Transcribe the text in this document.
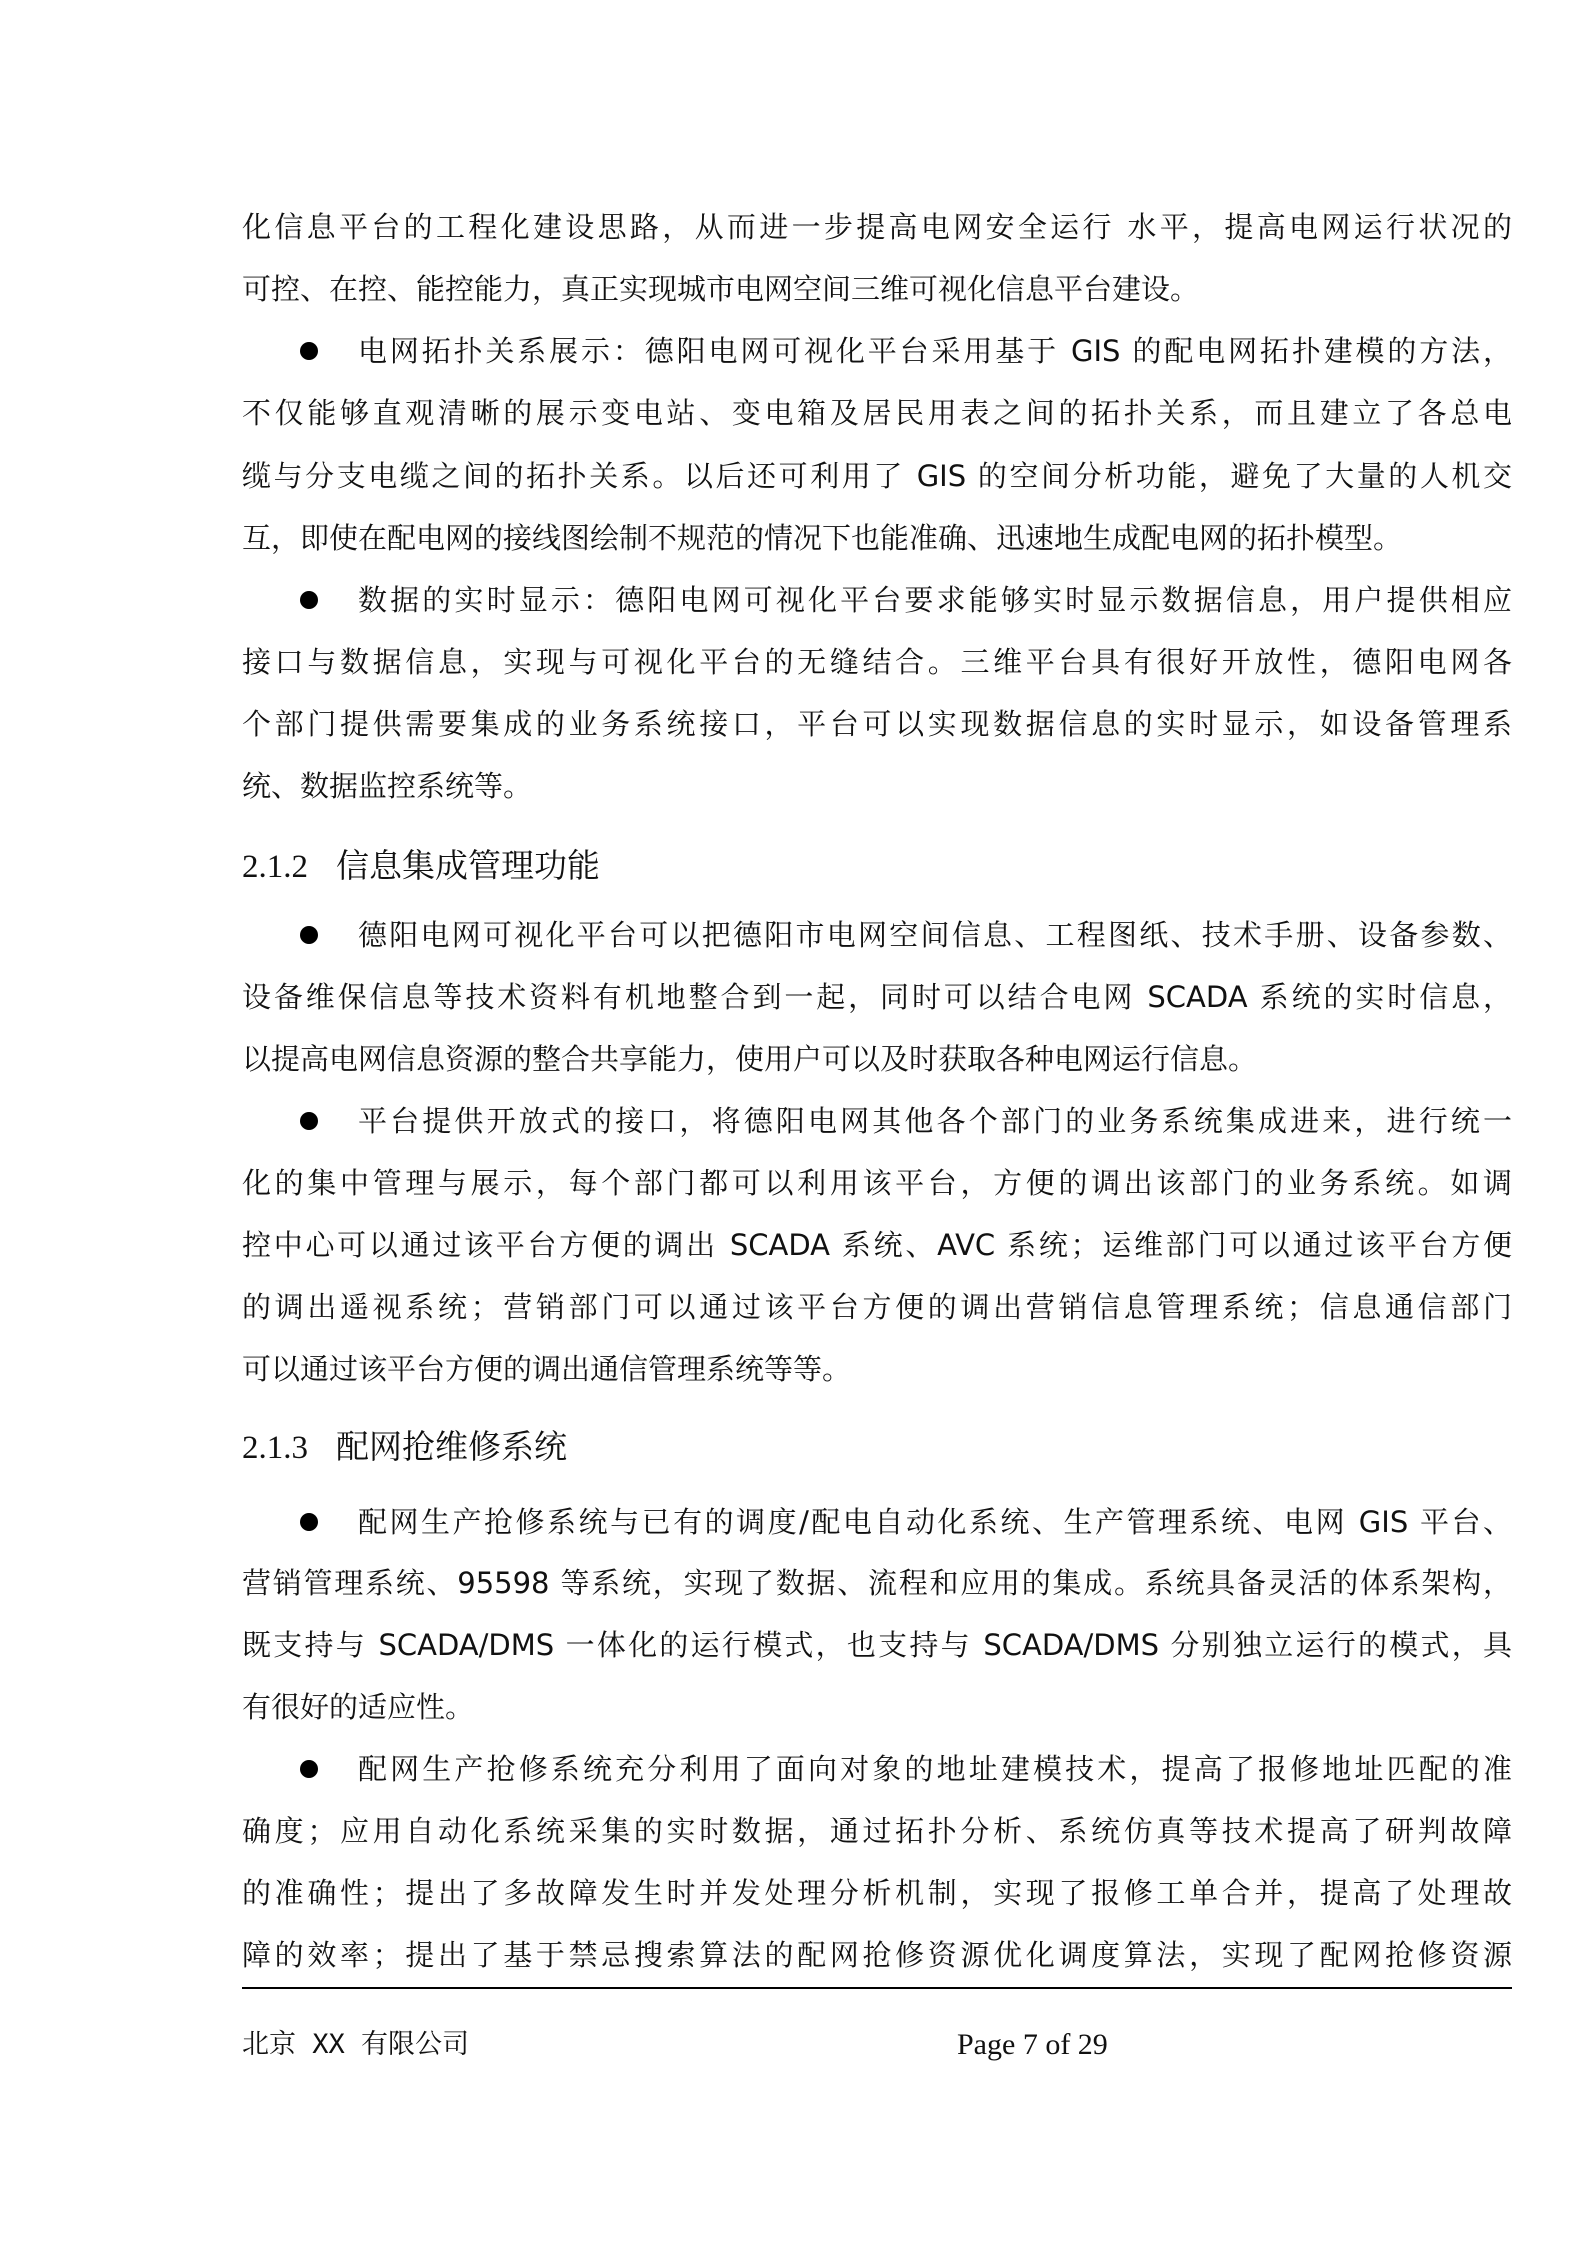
化信息平台的工程化建设思路，从而进一步提高电网安全运行 水平，提高电网运行状况的
可控、在控、能控能力，真正实现城市电网空间三维可视化信息平台建设。
电网拓扑关系展示：德阳电网可视化平台采用基于 GIS 的配电网拓扑建模的方法，
不仅能够直观清晰的展示变电站、变电箱及居民用表之间的拓扑关系，而且建立了各总电
缆与分支电缆之间的拓扑关系。以后还可利用了 GIS 的空间分析功能，避免了大量的人机交
互，即使在配电网的接线图绘制不规范的情况下也能准确、迅速地生成配电网的拓扑模型。
数据的实时显示：德阳电网可视化平台要求能够实时显示数据信息，用户提供相应
接口与数据信息，实现与可视化平台的无缝结合。三维平台具有很好开放性，德阳电网各
个部门提供需要集成的业务系统接口，平台可以实现数据信息的实时显示，如设备管理系
统、数据监控系统等。
2.1.2 信息集成管理功能
德阳电网可视化平台可以把德阳市电网空间信息、工程图纸、技术手册、设备参数、
设备维保信息等技术资料有机地整合到一起，同时可以结合电网 SCADA 系统的实时信息，
以提高电网信息资源的整合共享能力，使用户可以及时获取各种电网运行信息。
平台提供开放式的接口，将德阳电网其他各个部门的业务系统集成进来，进行统一
化的集中管理与展示，每个部门都可以利用该平台，方便的调出该部门的业务系统。如调
控中心可以通过该平台方便的调出 SCADA 系统、AVC 系统；运维部门可以通过该平台方便
的调出遥视系统；营销部门可以通过该平台方便的调出营销信息管理系统；信息通信部门
可以通过该平台方便的调出通信管理系统等等。
2.1.3 配网抢维修系统
配网生产抢修系统与已有的调度/配电自动化系统、生产管理系统、电网 GIS 平台、
营销管理系统、95598 等系统，实现了数据、流程和应用的集成。系统具备灵活的体系架构，
既支持与 SCADA/DMS 一体化的运行模式，也支持与 SCADA/DMS 分别独立运行的模式，具
有很好的适应性。
配网生产抢修系统充分利用了面向对象的地址建模技术，提高了报修地址匹配的准
确度；应用自动化系统采集的实时数据，通过拓扑分析、系统仿真等技术提高了研判故障
的准确性；提出了多故障发生时并发处理分析机制，实现了报修工单合并，提高了处理故
障的效率；提出了基于禁忌搜索算法的配网抢修资源优化调度算法，实现了配网抢修资源
北京 XX 有限公司	Page 7 of 29
